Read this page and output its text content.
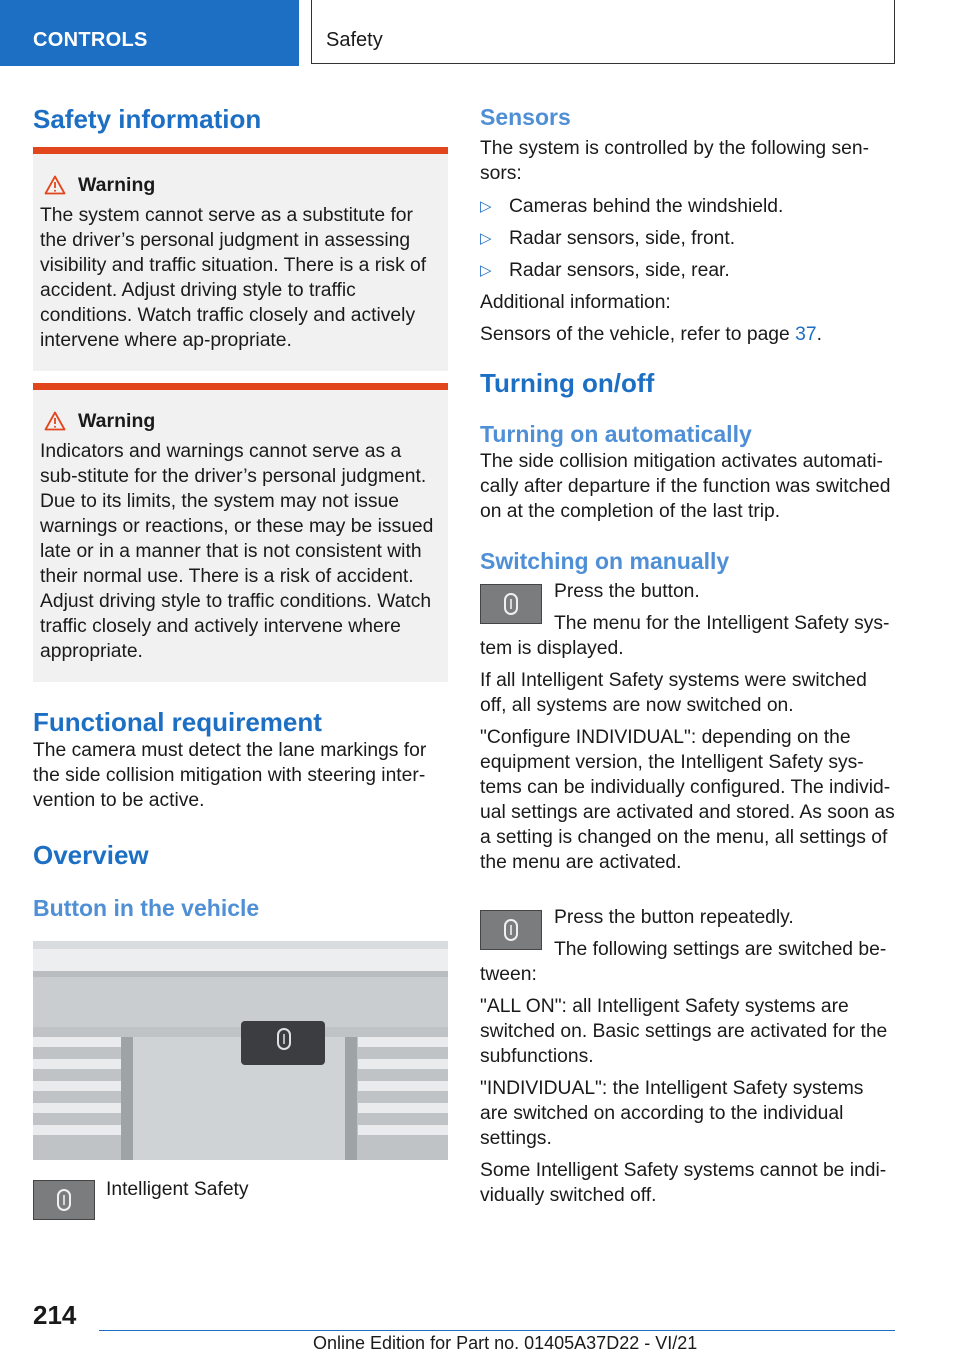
CONTROLS	Safety
Safety information
Warning

The system cannot serve as a substitute for the driver’s personal judgment in assessing visibility and traffic situation. There is a risk of accident. Adjust driving style to traffic conditions. Watch traffic closely and actively intervene where ap‐propriate.

Warning

Indicators and warnings cannot serve as a sub‐stitute for the driver’s personal judgment. Due to its limits, the system may not issue warnings or reactions, or these may be issued late or in a manner that is not consistent with their normal use. There is a risk of accident. Adjust driving style to traffic conditions. Watch traffic closely and actively intervene where appropriate.

Functional requirement

The camera must detect the lane markings for the side collision mitigation with steering inter‐vention to be active.

Overview
Button in the vehicle

Intelligent Safety

Sensors

The system is controlled by the following sen‐sors:

▷ Cameras behind the windshield.
▷ Radar sensors, side, front.
▷ Radar sensors, side, rear.

Additional information:

Sensors of the vehicle, refer to page 37.

Turning on/off
Turning on automatically

The side collision mitigation activates automati‐cally after departure if the function was switched on at the completion of the last trip.

Switching on manually

Press the button.

The menu for the Intelligent Safety sys‐

tem is displayed.

If all Intelligent Safety systems were switched off, all systems are now switched on.

"Configure INDIVIDUAL": depending on the equipment version, the Intelligent Safety sys‐tems can be individually configured. The individ‐ual settings are activated and stored. As soon as a setting is changed on the menu, all settings of the menu are activated.

Press the button repeatedly.

The following settings are switched be‐

tween:

"ALL ON": all Intelligent Safety systems are switched on. Basic settings are activated for the subfunctions.

"INDIVIDUAL": the Intelligent Safety systems are switched on according to the individual settings.

Some Intelligent Safety systems cannot be indi‐vidually switched off.

214
Online Edition for Part no. 01405A37D22 - VI/21
